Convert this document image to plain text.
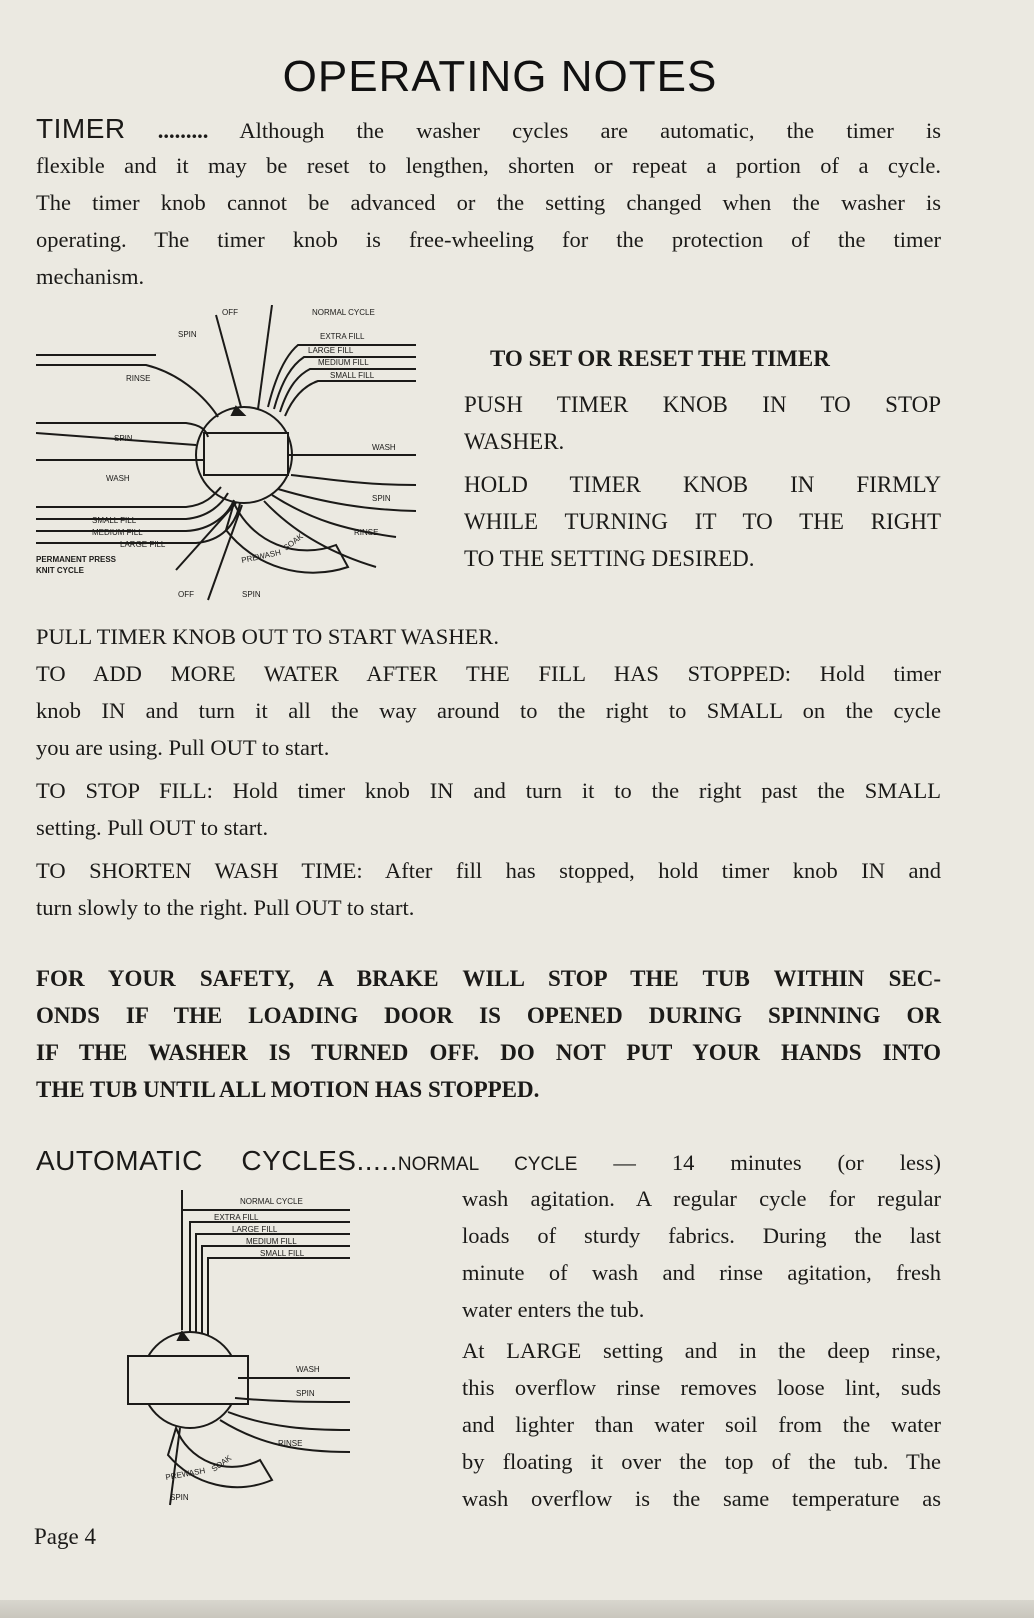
OPERATING NOTES
TIMER ......... Although the washer cycles are automatic, the timer is
flexible and it may be reset to lengthen, shorten or repeat a portion of a cycle.
The timer knob cannot be advanced or the setting changed when the washer is
operating. The timer knob is free-wheeling for the protection of the timer
mechanism.
OFF	NORMAL CYCLE
SPIN	EXTRA FILL
LARGE FILL
MEDIUM FILL
SMALL FILL
RINSE
SPIN
WASH
WASH
SPIN
SMALL FILL
MEDIUM FILL
LARGE FILL
PERMANENT PRESS
KNIT CYCLE
OFF	SPIN
PREWASH
SOAK	RINSE
TO SET OR RESET THE TIMER
PUSH TIMER KNOB IN TO STOP
WASHER.
HOLD TIMER KNOB IN FIRMLY
WHILE TURNING IT TO THE RIGHT
TO THE SETTING DESIRED.
PULL TIMER KNOB OUT TO START WASHER.
TO ADD MORE WATER AFTER THE FILL HAS STOPPED: Hold timer
knob IN and turn it all the way around to the right to SMALL on the cycle
you are using. Pull OUT to start.
TO STOP FILL: Hold timer knob IN and turn it to the right past the SMALL
setting. Pull OUT to start.
TO SHORTEN WASH TIME: After fill has stopped, hold timer knob IN and
turn slowly to the right. Pull OUT to start.
FOR YOUR SAFETY, A BRAKE WILL STOP THE TUB WITHIN SEC-
ONDS IF THE LOADING DOOR IS OPENED DURING SPINNING OR
IF THE WASHER IS TURNED OFF. DO NOT PUT YOUR HANDS INTO
THE TUB UNTIL ALL MOTION HAS STOPPED.
AUTOMATIC CYCLES.....NORMAL CYCLE — 14 minutes (or less)
NORMAL CYCLE
EXTRA FILL
LARGE FILL
MEDIUM FILL
SMALL FILL
WASH
SPIN
RINSE
PREWASH
SOAK
SPIN
wash agitation. A regular cycle for regular
loads of sturdy fabrics. During the last
minute of wash and rinse agitation, fresh
water enters the tub.
At LARGE setting and in the deep rinse,
this overflow rinse removes loose lint, suds
and lighter than water soil from the water
by floating it over the top of the tub. The
wash overflow is the same temperature as
Page 4
